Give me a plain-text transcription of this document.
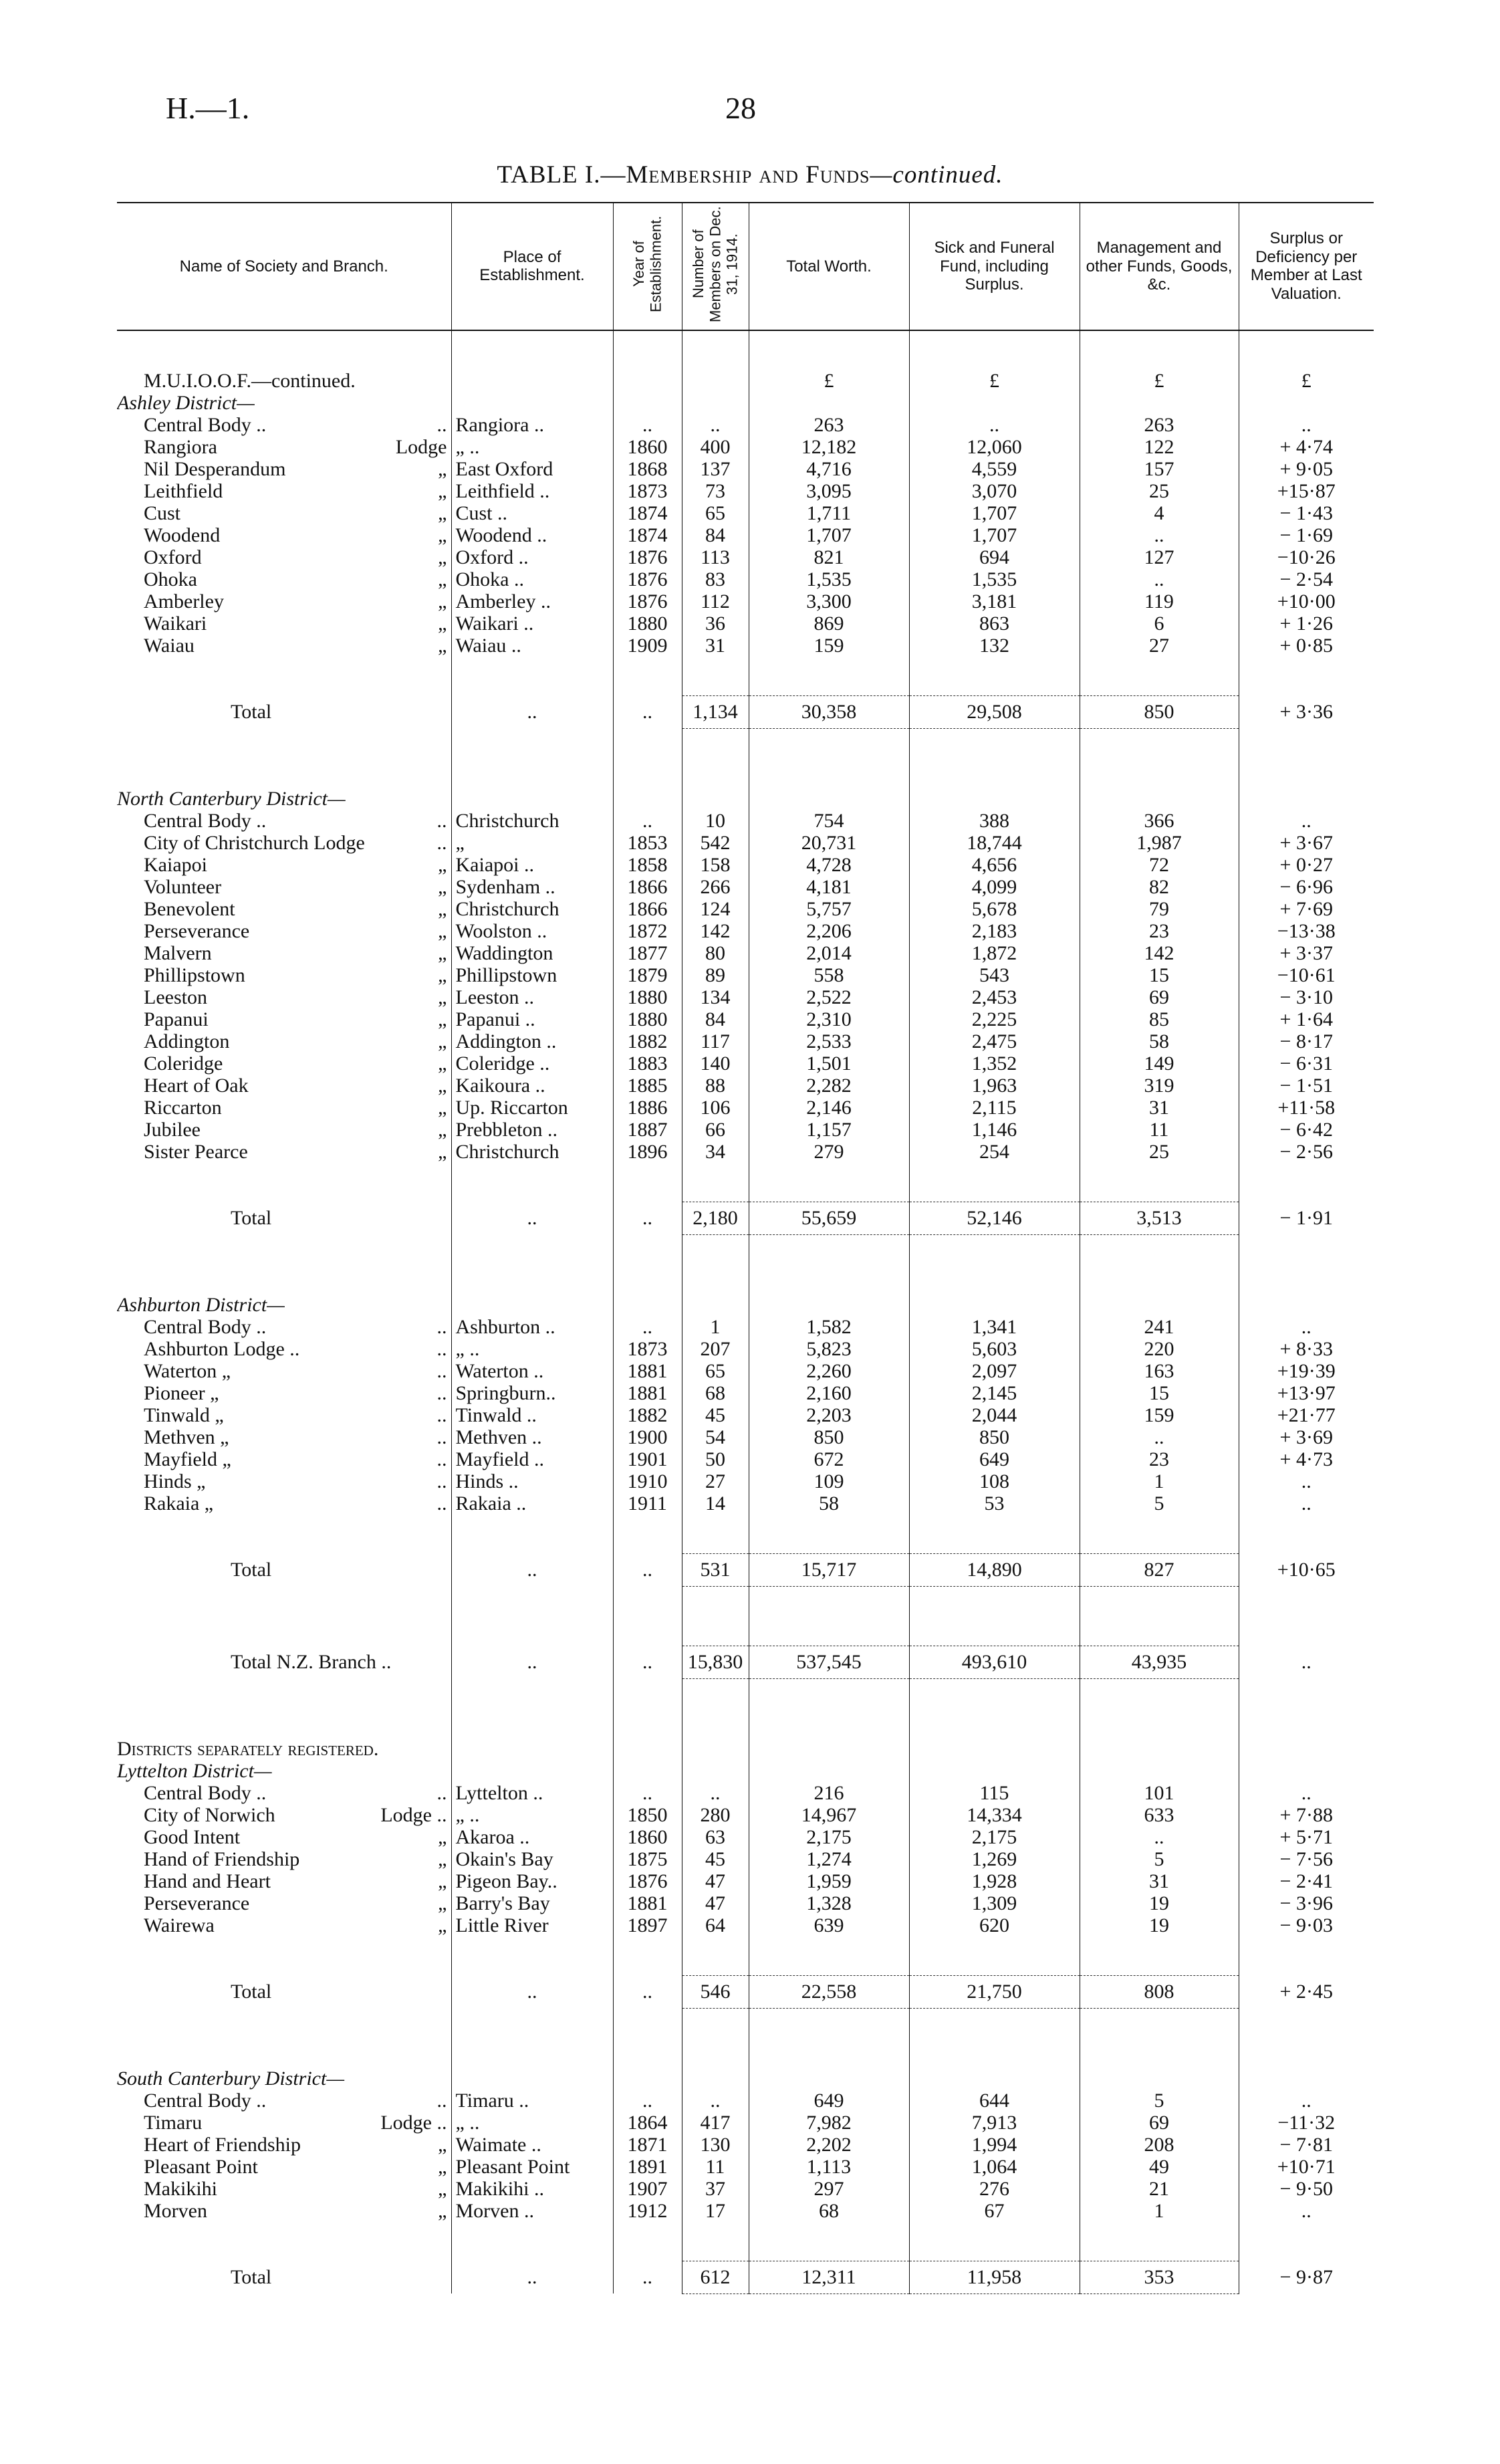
H.—1.	28
TABLE I.—Membership and Funds—continued.
Name of Society and Branch.	Place of Establishment.	Year of Establishment.	Number of Members on Dec. 31, 1914.	Total Worth.	Sick and Funeral Fund, including Surplus.	Management and other Funds, Goods, &c.	Surplus or Deficiency per Member at Last Valuation.

M.U.I.O.O.F.—continued.				£	£	£	£
Ashley District—							

Central Body .. ..	Rangiora ..	..	..	263	..	263	..

Rangiora Lodge	„ ..	1860	400	12,182	12,060	122	+ 4·74

Nil Desperandum „	East Oxford	1868	137	4,716	4,559	157	+ 9·05

Leithfield „	Leithfield ..	1873	73	3,095	3,070	25	+15·87

Cust „	Cust ..	1874	65	1,711	1,707	4	− 1·43

Woodend „	Woodend ..	1874	84	1,707	1,707	..	− 1·69

Oxford „	Oxford ..	1876	113	821	694	127	−10·26

Ohoka „	Ohoka ..	1876	83	1,535	1,535	..	− 2·54

Amberley „	Amberley ..	1876	112	3,300	3,181	119	+10·00

Waikari „	Waikari ..	1880	36	869	863	6	+ 1·26

Waiau „	Waiau ..	1909	31	159	132	27	+ 0·85

Total	..	..	1,134	30,358	29,508	850	+ 3·36

North Canterbury District—							

Central Body .. ..	Christchurch	..	10	754	388	366	..

City of Christchurch Lodge ..	„	1853	542	20,731	18,744	1,987	+ 3·67

Kaiapoi „	Kaiapoi ..	1858	158	4,728	4,656	72	+ 0·27

Volunteer „	Sydenham ..	1866	266	4,181	4,099	82	− 6·96

Benevolent „	Christchurch	1866	124	5,757	5,678	79	+ 7·69

Perseverance „	Woolston ..	1872	142	2,206	2,183	23	−13·38

Malvern „	Waddington	1877	80	2,014	1,872	142	+ 3·37

Phillipstown „	Phillipstown	1879	89	558	543	15	−10·61

Leeston „	Leeston ..	1880	134	2,522	2,453	69	− 3·10

Papanui „	Papanui ..	1880	84	2,310	2,225	85	+ 1·64

Addington „	Addington ..	1882	117	2,533	2,475	58	− 8·17

Coleridge „	Coleridge ..	1883	140	1,501	1,352	149	− 6·31

Heart of Oak „	Kaikoura ..	1885	88	2,282	1,963	319	− 1·51

Riccarton „	Up. Riccarton	1886	106	2,146	2,115	31	+11·58

Jubilee „	Prebbleton ..	1887	66	1,157	1,146	11	− 6·42

Sister Pearce „	Christchurch	1896	34	279	254	25	− 2·56

Total	..	..	2,180	55,659	52,146	3,513	− 1·91

Ashburton District—							

Central Body .. ..	Ashburton ..	..	1	1,582	1,341	241	..

Ashburton Lodge .. ..	„ ..	1873	207	5,823	5,603	220	+ 8·33

Waterton „ ..	Waterton ..	1881	65	2,260	2,097	163	+19·39

Pioneer „ ..	Springburn..	1881	68	2,160	2,145	15	+13·97

Tinwald „ ..	Tinwald ..	1882	45	2,203	2,044	159	+21·77

Methven „ ..	Methven ..	1900	54	850	850	..	+ 3·69

Mayfield „ ..	Mayfield ..	1901	50	672	649	23	+ 4·73

Hinds „ ..	Hinds ..	1910	27	109	108	1	..

Rakaia „ ..	Rakaia ..	1911	14	58	53	5	..

Total	..	..	531	15,717	14,890	827	+10·65

Total N.Z. Branch ..	..	..	15,830	537,545	493,610	43,935	..

Districts separately registered.							
Lyttelton District—							

Central Body .. ..	Lyttelton ..	..	..	216	115	101	..

City of Norwich Lodge ..	„ ..	1850	280	14,967	14,334	633	+ 7·88

Good Intent „	Akaroa ..	1860	63	2,175	2,175	..	+ 5·71

Hand of Friendship „	Okain's Bay	1875	45	1,274	1,269	5	− 7·56

Hand and Heart „	Pigeon Bay..	1876	47	1,959	1,928	31	− 2·41

Perseverance „	Barry's Bay	1881	47	1,328	1,309	19	− 3·96

Wairewa „	Little River	1897	64	639	620	19	− 9·03

Total	..	..	546	22,558	21,750	808	+ 2·45

South Canterbury District—							

Central Body .. ..	Timaru ..	..	..	649	644	5	..

Timaru Lodge ..	„ ..	1864	417	7,982	7,913	69	−11·32

Heart of Friendship „	Waimate ..	1871	130	2,202	1,994	208	− 7·81

Pleasant Point „	Pleasant Point	1891	11	1,113	1,064	49	+10·71

Makikihi „	Makikihi ..	1907	37	297	276	21	− 9·50

Morven „	Morven ..	1912	17	68	67	1	..

Total	..	..	612	12,311	11,958	353	− 9·87
